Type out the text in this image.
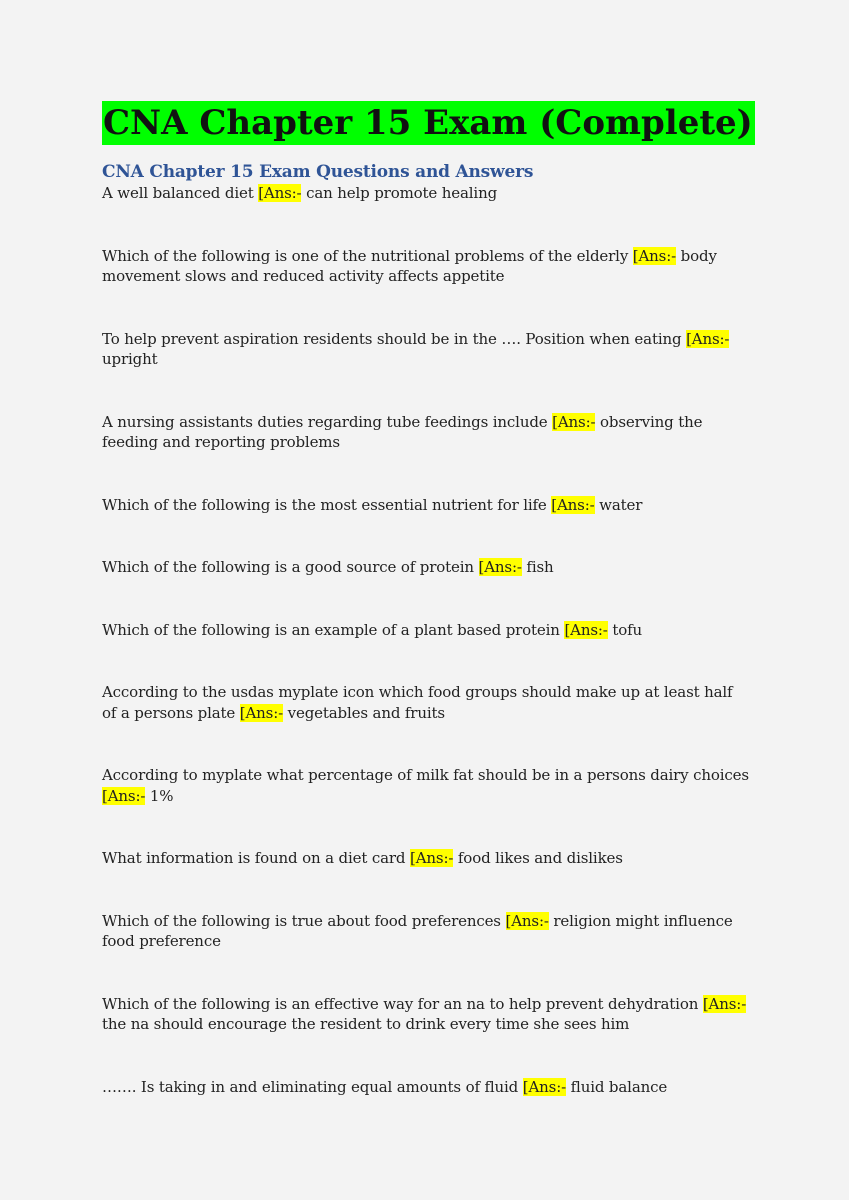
CNA Chapter 15 Exam (Complete)
CNA Chapter 15 Exam Questions and Answers
A well balanced diet [Ans:- can help promote healing
Which of the following is one of the nutritional problems of the elderly [Ans:- body movement slows and reduced activity affects appetite
To help prevent aspiration residents should be in the …. Position when eating [Ans:- upright
A nursing assistants duties regarding tube feedings include [Ans:- observing the feeding and reporting problems
Which of the following is the most essential nutrient for life [Ans:- water
Which of the following is a good source of protein [Ans:- fish
Which of the following is an example of a plant based protein [Ans:- tofu
According to the usdas myplate icon which food groups should make up at least half of a persons plate [Ans:- vegetables and fruits
According to myplate what percentage of milk fat should be in a persons dairy choices [Ans:- 1%
What information is found on a diet card [Ans:- food likes and dislikes
Which of the following is true about food preferences [Ans:- religion might influence food preference
Which of the following is an effective way for an na to help prevent dehydration [Ans:- the na should encourage the resident to drink every time she sees him
……. Is taking in and eliminating equal amounts of fluid [Ans:- fluid balance
